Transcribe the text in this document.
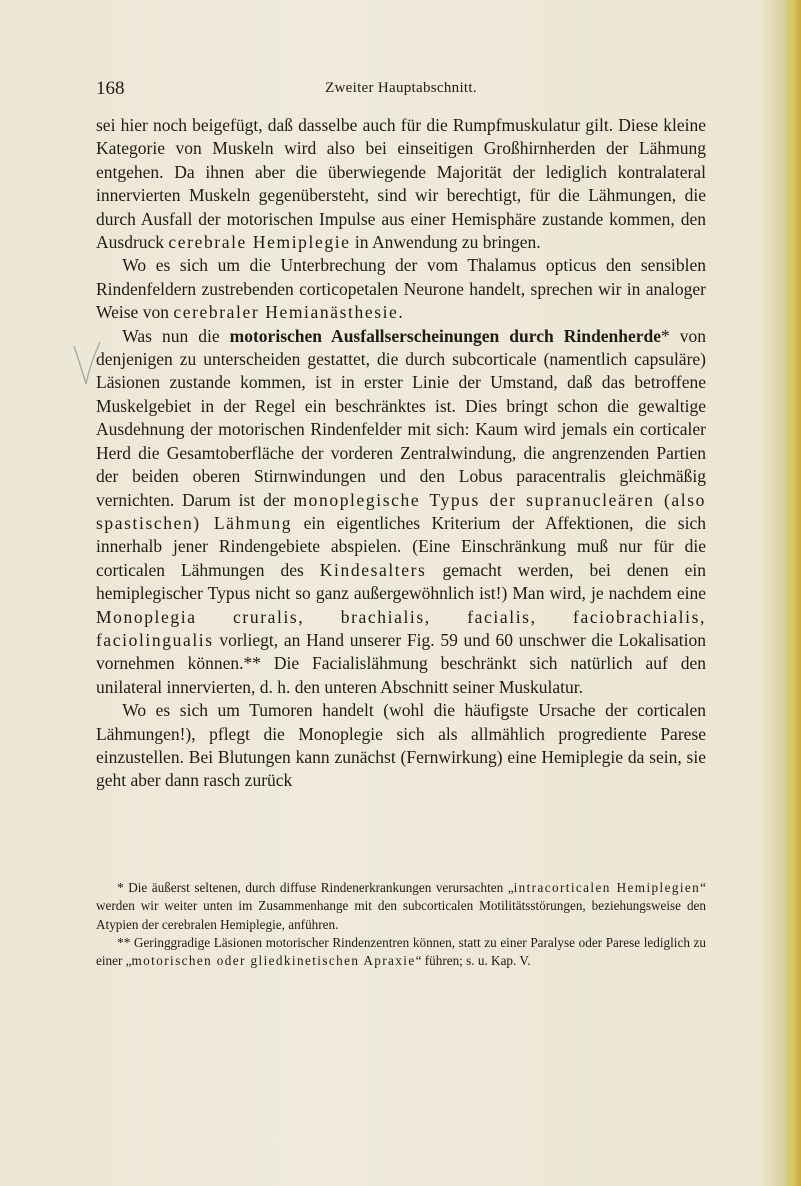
168	Zweiter Hauptabschnitt.

sei hier noch beigefügt, daß dasselbe auch für die Rumpfmuskulatur gilt. Diese kleine Kategorie von Muskeln wird also bei einseitigen Großhirnherden der Lähmung entgehen. Da ihnen aber die überwiegende Majorität der lediglich kontralateral innervierten Muskeln gegenübersteht, sind wir berechtigt, für die Lähmungen, die durch Ausfall der motorischen Impulse aus einer Hemisphäre zustande kommen, den Ausdruck cerebrale Hemiplegie in Anwendung zu bringen.

Wo es sich um die Unterbrechung der vom Thalamus opticus den sensiblen Rindenfeldern zustrebenden corticopetalen Neurone handelt, sprechen wir in analoger Weise von cerebraler Hemianästhesie.

Was nun die motorischen Ausfallserscheinungen durch Rindenherde* von denjenigen zu unterscheiden gestattet, die durch subcorticale (namentlich capsuläre) Läsionen zustande kommen, ist in erster Linie der Umstand, daß das betroffene Muskelgebiet in der Regel ein beschränktes ist. Dies bringt schon die gewaltige Ausdehnung der motorischen Rindenfelder mit sich: Kaum wird jemals ein corticaler Herd die Gesamtoberfläche der vorderen Zentralwindung, die angrenzenden Partien der beiden oberen Stirnwindungen und den Lobus paracentralis gleichmäßig vernichten. Darum ist der monoplegische Typus der supranucleären (also spastischen) Lähmung ein eigentliches Kriterium der Affektionen, die sich innerhalb jener Rindengebiete abspielen. (Eine Einschränkung muß nur für die corticalen Lähmungen des Kindesalters gemacht werden, bei denen ein hemiplegischer Typus nicht so ganz außergewöhnlich ist!) Man wird, je nachdem eine Monoplegia cruralis, brachialis, facialis, faciobrachialis, faciolingualis vorliegt, an Hand unserer Fig. 59 und 60 unschwer die Lokalisation vornehmen können.** Die Facialislähmung beschränkt sich natürlich auf den unilateral innervierten, d. h. den unteren Abschnitt seiner Muskulatur.

Wo es sich um Tumoren handelt (wohl die häufigste Ursache der corticalen Lähmungen!), pflegt die Monoplegie sich als allmählich progrediente Parese einzustellen. Bei Blutungen kann zunächst (Fernwirkung) eine Hemiplegie da sein, sie geht aber dann rasch zurück

* Die äußerst seltenen, durch diffuse Rindenerkrankungen verursachten „intracorticalen Hemiplegien“ werden wir weiter unten im Zusammenhange mit den subcorticalen Motilitätsstörungen, beziehungsweise den Atypien der cerebralen Hemiplegie, anführen.

** Geringgradige Läsionen motorischer Rindenzentren können, statt zu einer Paralyse oder Parese lediglich zu einer „motorischen oder gliedkinetischen Apraxie“ führen; s. u. Kap. V.
